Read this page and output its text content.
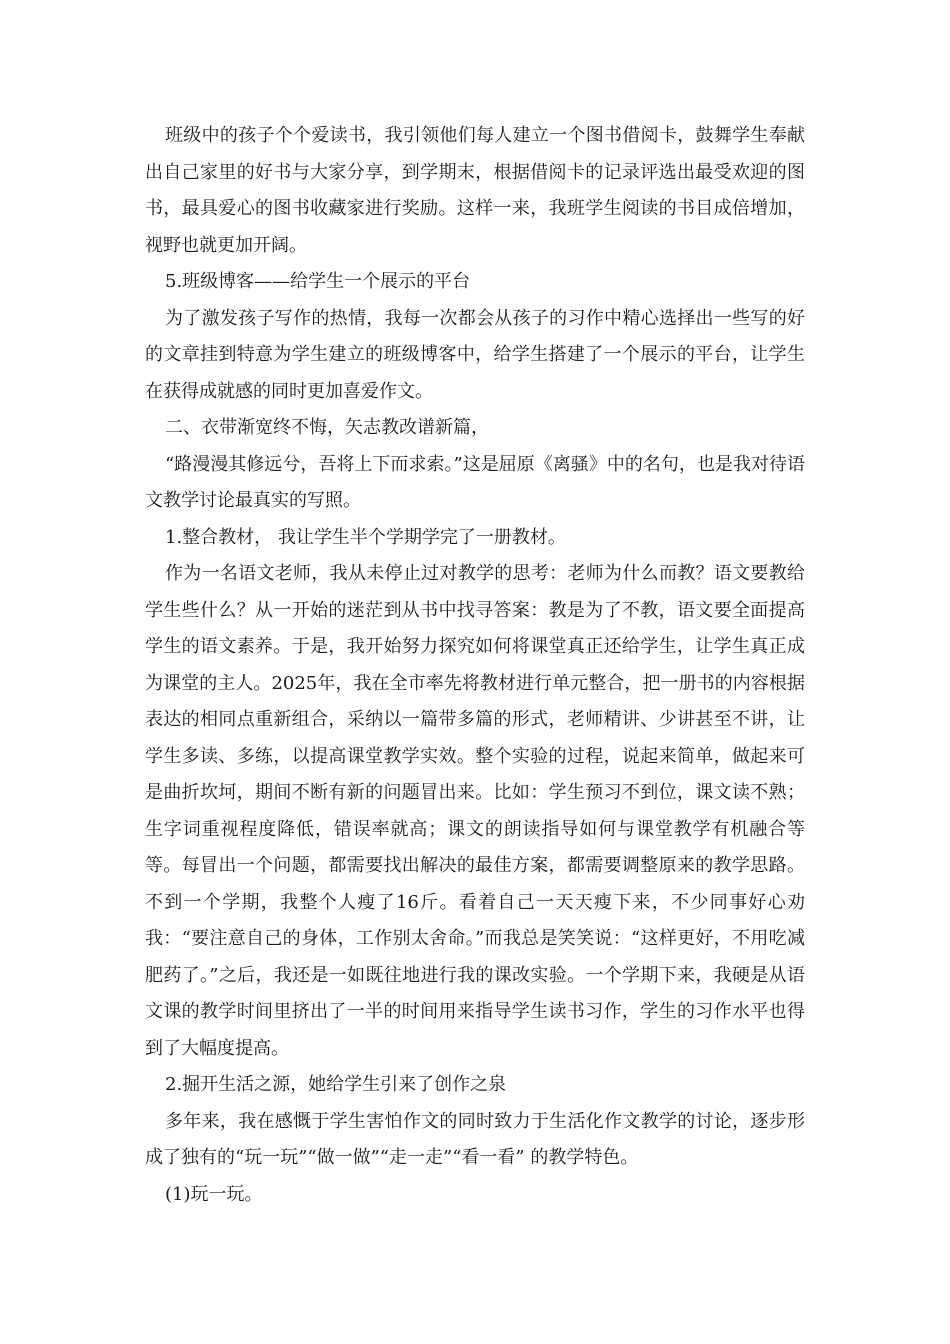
班级中的孩子个个爱读书，我引领他们每人建立一个图书借阅卡，鼓舞学生奉献出自己家里的好书与大家分享，到学期末，根据借阅卡的记录评选出最受欢迎的图书，最具爱心的图书收藏家进行奖励。这样一来，我班学生阅读的书目成倍增加，视野也就更加开阔。

5.班级博客——给学生一个展示的平台

为了激发孩子写作的热情，我每一次都会从孩子的习作中精心选择出一些写的好的文章挂到特意为学生建立的班级博客中，给学生搭建了一个展示的平台，让学生在获得成就感的同时更加喜爱作文。

二、衣带渐宽终不悔，矢志教改谱新篇，

“路漫漫其修远兮，吾将上下而求索。”这是屈原《离骚》中的名句，也是我对待语文教学讨论最真实的写照。

1.整合教材， 我让学生半个学期学完了一册教材。

作为一名语文老师，我从未停止过对教学的思考：老师为什么而教？语文要教给学生些什么？从一开始的迷茫到从书中找寻答案：教是为了不教，语文要全面提高学生的语文素养。于是，我开始努力探究如何将课堂真正还给学生，让学生真正成为课堂的主人。2025年，我在全市率先将教材进行单元整合，把一册书的内容根据表达的相同点重新组合，采纳以一篇带多篇的形式，老师精讲、少讲甚至不讲，让学生多读、多练，以提高课堂教学实效。整个实验的过程，说起来简单，做起来可是曲折坎坷，期间不断有新的问题冒出来。比如：学生预习不到位，课文读不熟；生字词重视程度降低，错误率就高；课文的朗读指导如何与课堂教学有机融合等等。每冒出一个问题，都需要找出解决的最佳方案，都需要调整原来的教学思路。不到一个学期，我整个人瘦了16斤。看着自己一天天瘦下来，不少同事好心劝我：“要注意自己的身体，工作别太舍命。”而我总是笑笑说：“这样更好，不用吃减肥药了。”之后，我还是一如既往地进行我的课改实验。一个学期下来，我硬是从语文课的教学时间里挤出了一半的时间用来指导学生读书习作，学生的习作水平也得到了大幅度提高。

2.掘开生活之源，她给学生引来了创作之泉

多年来，我在感慨于学生害怕作文的同时致力于生活化作文教学的讨论，逐步形成了独有的“玩一玩”“做一做”“走一走”“看一看” 的教学特色。

(1)玩一玩。
